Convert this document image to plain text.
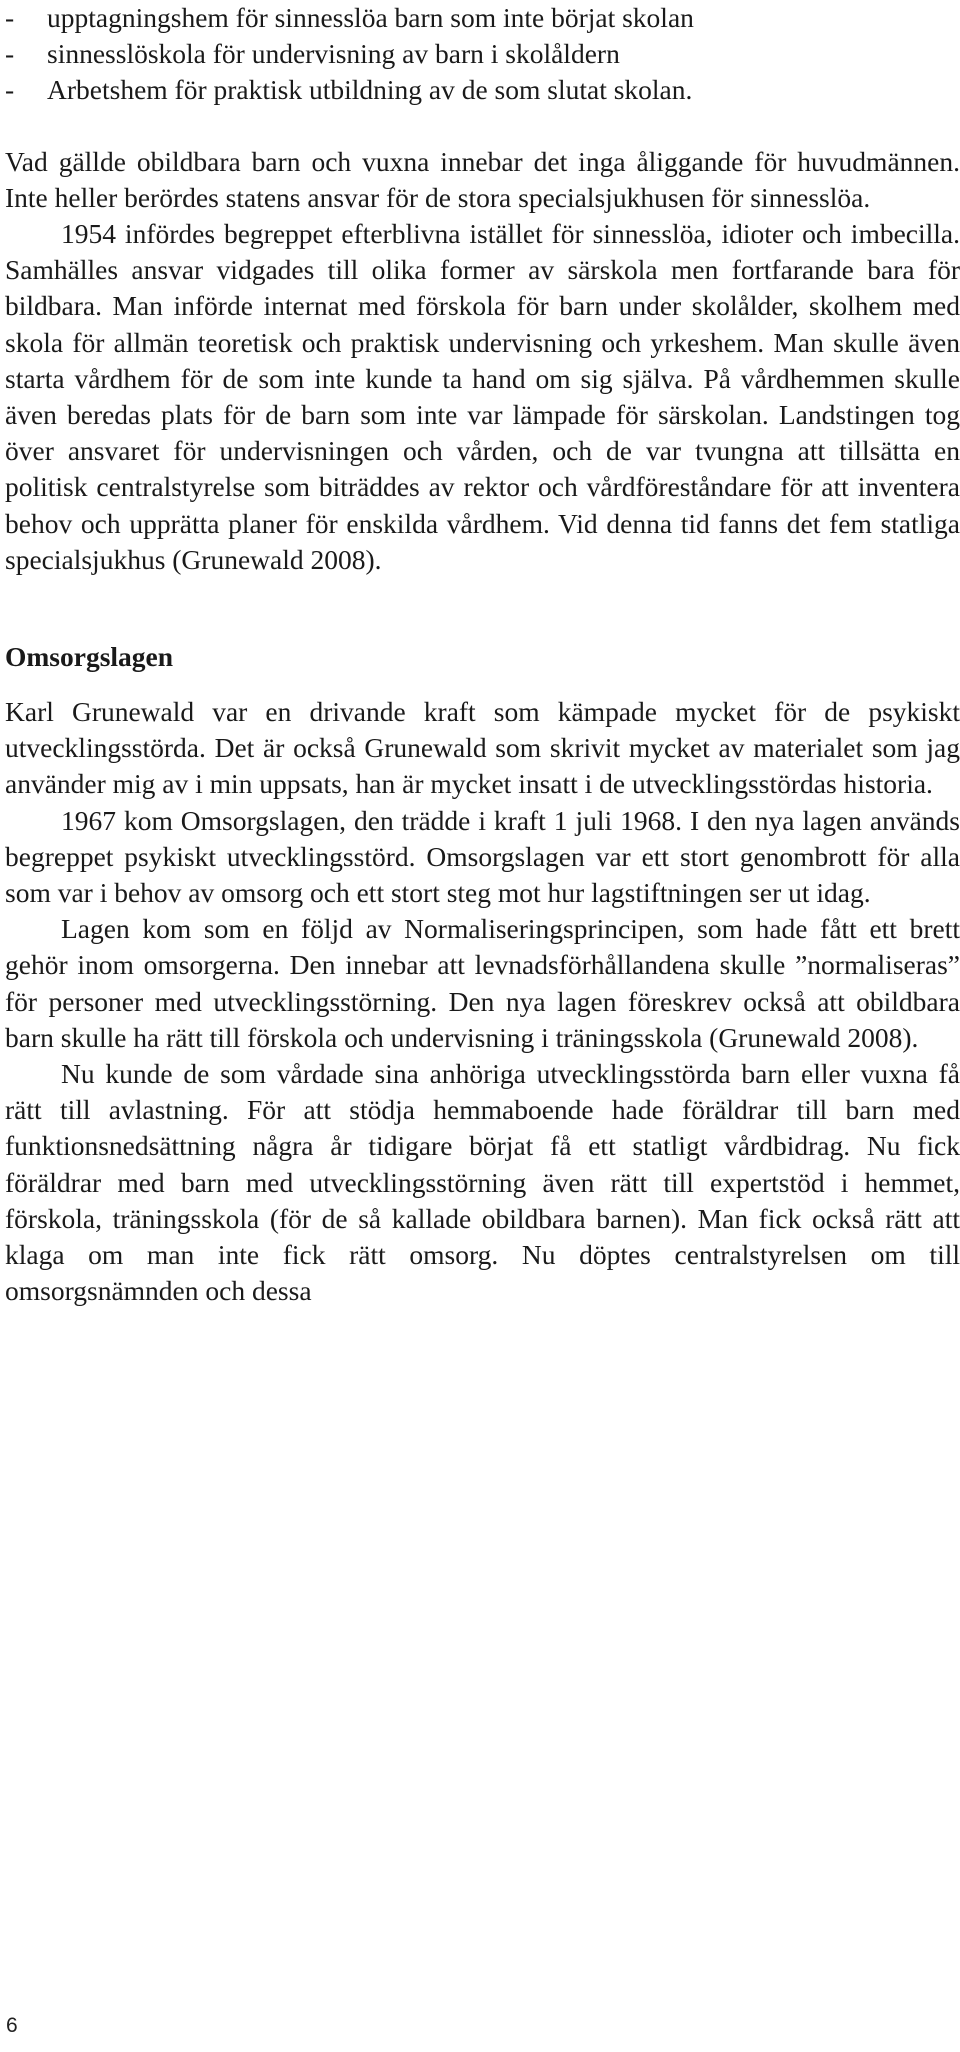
- upptagningshem för sinnesslöa barn som inte börjat skolan

- sinnesslöskola för undervisning av barn i skolåldern

- Arbetshem för praktisk utbildning av de som slutat skolan.

Vad gällde obildbara barn och vuxna innebar det inga åliggande för huvudmännen. Inte heller berördes statens ansvar för de stora specialsjukhusen för sinnesslöa.

1954 infördes begreppet efterblivna istället för sinnesslöa, idioter och imbecilla. Samhälles ansvar vidgades till olika former av särskola men fortfarande bara för bildbara. Man införde internat med förskola för barn under skolålder, skolhem med skola för allmän teoretisk och praktisk undervisning och yrkeshem. Man skulle även starta vårdhem för de som inte kunde ta hand om sig själva. På vårdhemmen skulle även beredas plats för de barn som inte var lämpade för särskolan. Landstingen tog över ansvaret för undervisningen och vården, och de var tvungna att tillsätta en politisk centralstyrelse som biträddes av rektor och vårdföreståndare för att inventera behov och upprätta planer för enskilda vårdhem. Vid denna tid fanns det fem statliga specialsjukhus (Grunewald 2008).

Omsorgslagen

Karl Grunewald var en drivande kraft som kämpade mycket för de psykiskt utvecklingsstörda. Det är också Grunewald som skrivit mycket av materialet som jag använder mig av i min uppsats, han är mycket insatt i de utvecklingsstördas historia.

1967 kom Omsorgslagen, den trädde i kraft 1 juli 1968. I den nya lagen används begreppet psykiskt utvecklingsstörd. Omsorgslagen var ett stort genombrott för alla som var i behov av omsorg och ett stort steg mot hur lagstiftningen ser ut idag.

Lagen kom som en följd av Normaliseringsprincipen, som hade fått ett brett gehör inom omsorgerna. Den innebar att levnadsförhållandena skulle ”normaliseras” för personer med utvecklingsstörning. Den nya lagen föreskrev också att obildbara barn skulle ha rätt till förskola och undervisning i träningsskola (Grunewald 2008).

Nu kunde de som vårdade sina anhöriga utvecklingsstörda barn eller vuxna få rätt till avlastning. För att stödja hemmaboende hade föräldrar till barn med funktionsnedsättning några år tidigare börjat få ett statligt vårdbidrag. Nu fick föräldrar med barn med utvecklingsstörning även rätt till expertstöd i hemmet, förskola, träningsskola (för de så kallade obildbara barnen). Man fick också rätt att klaga om man inte fick rätt omsorg. Nu döptes centralstyrelsen om till omsorgsnämnden och dessa

6
